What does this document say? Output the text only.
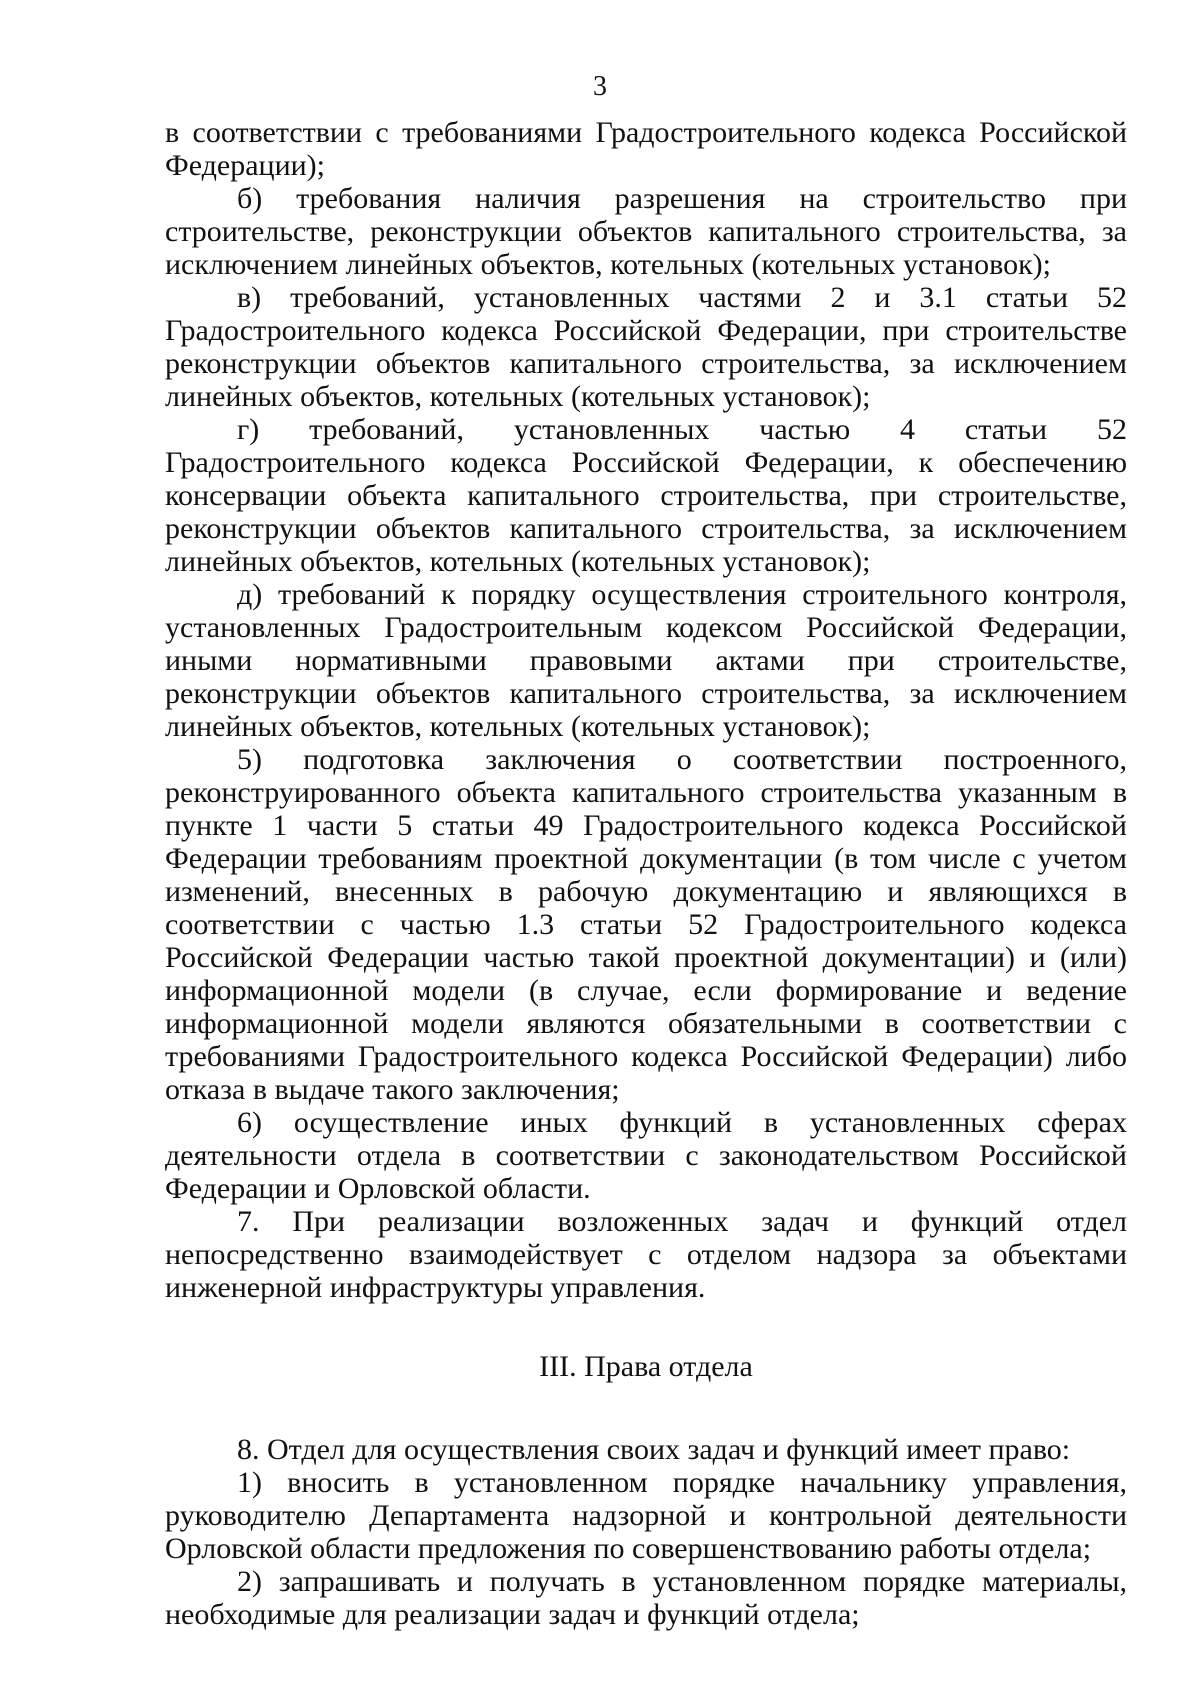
3

в соответствии с требованиями Градостроительного кодекса Российской Федерации);

б) требования наличия разрешения на строительство при строительстве, реконструкции объектов капитального строительства, за исключением линейных объектов, котельных (котельных установок);

в) требований, установленных частями 2 и 3.1 статьи 52 Градостроительного кодекса Российской Федерации, при строительстве реконструкции объектов капитального строительства, за исключением линейных объектов, котельных (котельных установок);

г) требований, установленных частью 4 статьи 52 Градостроительного кодекса Российской Федерации, к обеспечению консервации объекта капитального строительства, при строительстве, реконструкции объектов капитального строительства, за исключением линейных объектов, котельных (котельных установок);

д) требований к порядку осуществления строительного контроля, установленных Градостроительным кодексом Российской Федерации, иными нормативными правовыми актами при строительстве, реконструкции объектов капитального строительства, за исключением линейных объектов, котельных (котельных установок);

5) подготовка заключения о соответствии построенного, реконструированного объекта капитального строительства указанным в пункте 1 части 5 статьи 49 Градостроительного кодекса Российской Федерации требованиям проектной документации (в том числе с учетом изменений, внесенных в рабочую документацию и являющихся в соответствии с частью 1.3 статьи 52 Градостроительного кодекса Российской Федерации частью такой проектной документации) и (или) информационной модели (в случае, если формирование и ведение информационной модели являются обязательными в соответствии с требованиями Градостроительного кодекса Российской Федерации) либо отказа в выдаче такого заключения;

6) осуществление иных функций в установленных сферах деятельности отдела в соответствии с законодательством Российской Федерации и Орловской области.

7. При реализации возложенных задач и функций отдел непосредственно взаимодействует с отделом надзора за объектами инженерной инфраструктуры управления.

III. Права отдела

8. Отдел для осуществления своих задач и функций имеет право:

1) вносить в установленном порядке начальнику управления, руководителю Департамента надзорной и контрольной деятельности Орловской области предложения по совершенствованию работы отдела;

2) запрашивать и получать в установленном порядке материалы, необходимые для реализации задач и функций отдела;
